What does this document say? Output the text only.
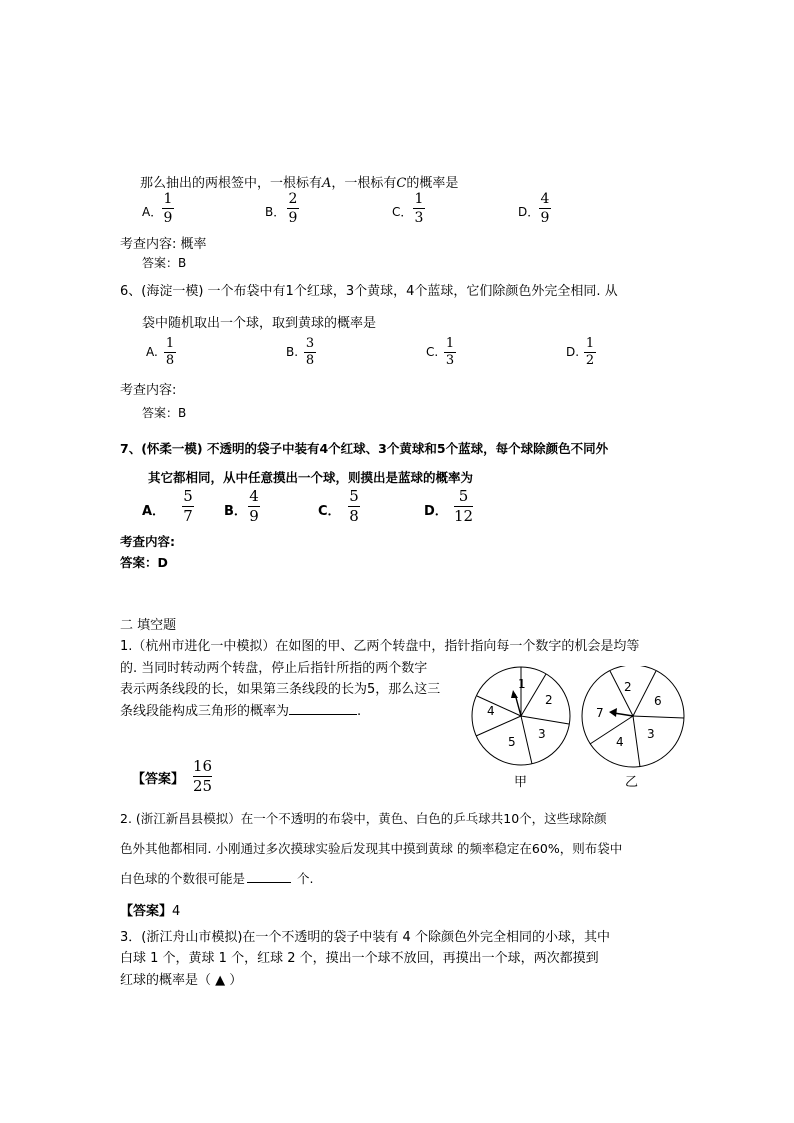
那么抽出的两根签中，一根标有A，一根标有C的概率是
A．
1
9	B．
2
9	C．
1
3	D．
4
9
考查内容: 概率
答案：B
6、(海淀一模) 一个布袋中有1个红球，3个黄球，4个蓝球，它们除颜色外完全相同. 从
袋中随机取出一个球，取到黄球的概率是
A.
1
8
B.
3
8
C.
1
3
D.
1
2
考查内容:
答案：B
7、(怀柔一模) 不透明的袋子中装有4个红球、3个黄球和5个蓝球，每个球除颜色不同外
其它都相同，从中任意摸出一个球，则摸出是蓝球的概率为
A．
5
7 B．
4
9	C．
5
8	D．
5
12
考查内容:
答案：D
二 填空题
1.（杭州市进化一中模拟）在如图的甲、乙两个转盘中，指针指向每一个数字的机会是均等
的. 当同时转动两个转盘，停止后指针所指的两个数字
表示两条线段的长，如果第三条线段的长为5，那么这三
条线段能构成三角形的概率为	.
【答案】
16
25
1
2
3
5
4
甲
2
6
3
4
7
乙
2. (浙江新昌县模拟）在一个不透明的布袋中，黄色、白色的乒乓球共10个，这些球除颜
色外其他都相同. 小刚通过多次摸球实验后发现其中摸到黄球 的频率稳定在60%，则布袋中
白色球的个数很可能是	个.
【答案】4
3．(浙江舟山市模拟)在一个不透明的袋子中装有 4 个除颜色外完全相同的小球，其中
白球 1 个，黄球 1 个，红球 2 个，摸出一个球不放回，再摸出一个球，两次都摸到
红球的概率是（ ▲ ）
